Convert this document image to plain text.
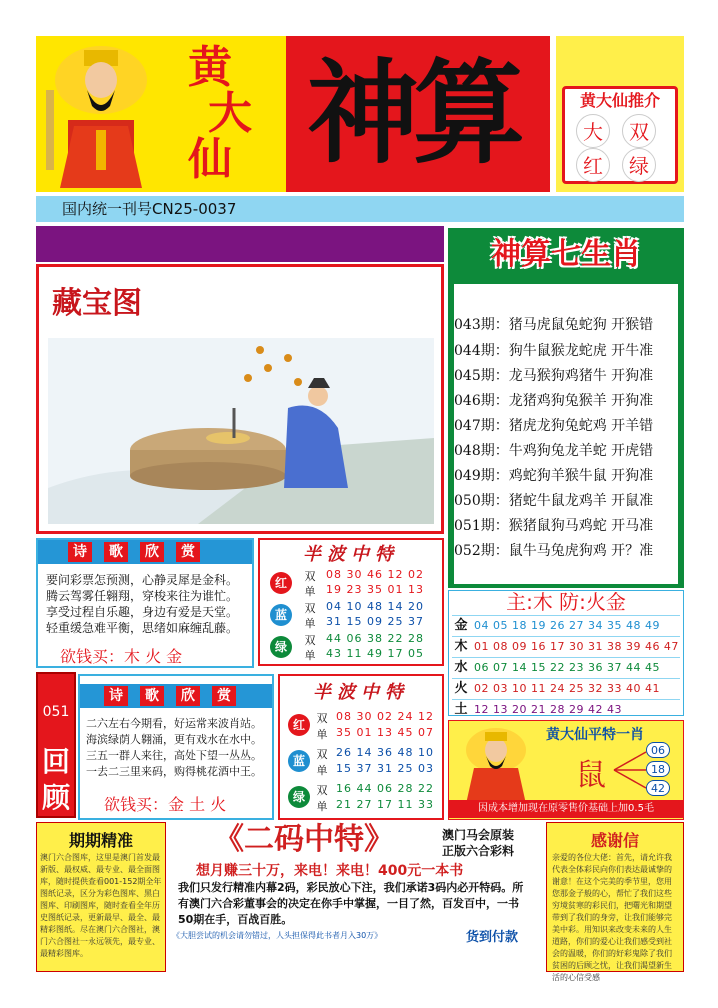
黄
大
仙 神算	黄大仙推介
大	双
红	绿
国内统一刊号CN25-0037
神算七生肖
043期：猪马虎鼠兔蛇狗 开猴错
044期：狗牛鼠猴龙蛇虎 开牛准
045期：龙马猴狗鸡猪牛 开狗准
046期：龙猪鸡狗兔猴羊 开狗准
047期：猪虎龙狗兔蛇鸡 开羊错
048期：牛鸡狗兔龙羊蛇 开虎错
049期：鸡蛇狗羊猴牛鼠 开狗准
050期：猪蛇牛鼠龙鸡羊 开鼠准
051期：猴猪鼠狗马鸡蛇 开马准
052期：鼠牛马兔虎狗鸡 开？准
藏宝图
诗 歌 欣 赏
要问彩票怎预测，心静灵犀是金科。
腾云驾雾任翱翔，穿梭来往为谁忙。
享受过程自乐趣，身边有爱是天堂。
轻重缓急难平衡，思绪如麻缠乱藤。
欲钱买：木 火 金
半波中特
红	双 08 30 46 12 02
单 19 23 35 01 13
蓝	双 04 10 48 14 20
单 31 15 09 25 37
绿	双 44 06 38 22 28
单 43 11 49 17 05
051
回
顾
诗 歌 欣 赏
二六左右今期看，好运常来波肖站。
海滨绿荫人翱涌，更有戏水在水中。
三五一群人来往，高处下望一丛丛。
一去二三里来码，购得桃花酒中王。
欲钱买：金 土 火
半波中特
红	双 08 30 02 24 12
单 35 01 13 45 07
蓝	双 26 14 36 48 10
单 15 37 31 25 03
绿	双 16 44 06 28 22
单 21 27 17 11 33
主:木 防:火金
金 04 05 18 19 26 27 34 35 48 49
木 01 08 09 16 17 30 31 38 39 46 47
水 06 07 14 15 22 23 36 37 44 45
火 02 03 10 11 24 25 32 33 40 41
土 12 13 20 21 28 29 42 43
黄大仙平特一肖
鼠
06
18
42
因成本增加现在原零售价基础上加0.5毛
期期精准
澳门六合图库，这里是澳门首发最新版、最权威、最专业、最全面图库，随时提供查看001-152期全年图纸记录，区分为彩色图库、黑白图库、印刷图库，随时查看全年历史图纸记录，更新最早、最全、最精彩图纸。尽在澳门六合图社，澳门六合图社一永远领先，最专业、最精彩图库。
《二码中特》	澳门马会原装
正版六合彩料
想月赚三十万，来电！来电！400元一本书
我们只发行精准内幕2码，彩民放心下注，我们承诺3码内必开特码。所有澳门六合彩董事会的决定在你手中掌握，一目了然，百发百中，一书50期在手，百战百胜。
《大胆尝试的机会请勿错过，人头担保得此书者月入30万》	货到付款
感谢信
亲爱的各位大佬：首先，请允许我代表全体彩民向你们表达最诚挚的谢意！在这个完美的季节里，您用您那金子般的心，帮忙了我们这些穷境贫寒的彩民们，把曙光和期望带到了我们的身旁，让我们能够完美中彩。用知识来改变未来的人生道路，你们的爱心让我们感受到社会的温暖，你们的好彩鬼除了我们贫困的后顾之忧，让我们渴望新生活的心信受感
